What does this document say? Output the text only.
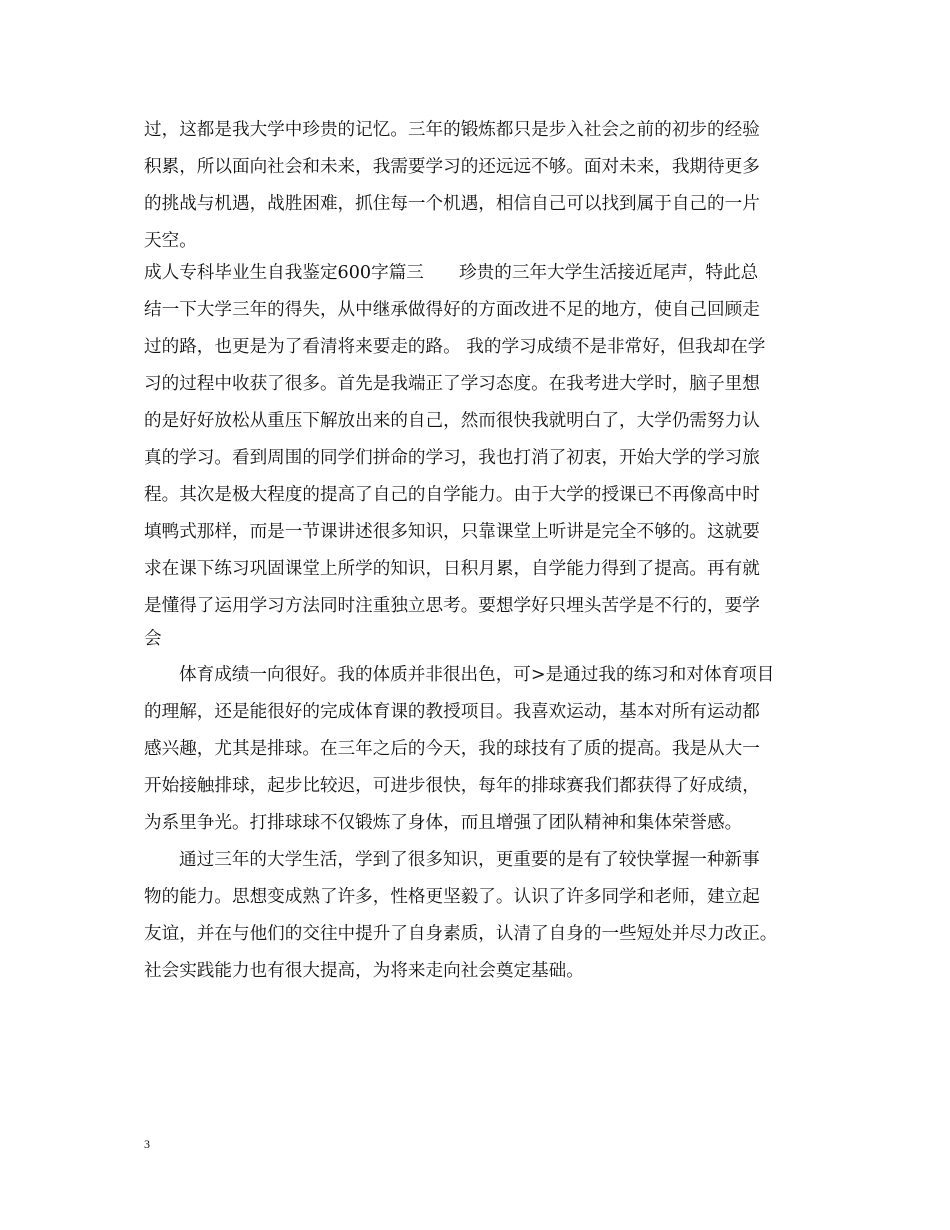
过，这都是我大学中珍贵的记忆。三年的锻炼都只是步入社会之前的初步的经验
积累，所以面向社会和未来，我需要学习的还远远不够。面对未来，我期待更多
的挑战与机遇，战胜困难，抓住每一个机遇，相信自己可以找到属于自己的一片
天空。
成人专科毕业生自我鉴定600字篇三　　珍贵的三年大学生活接近尾声，特此总
结一下大学三年的得失，从中继承做得好的方面改进不足的地方，使自己回顾走
过的路，也更是为了看清将来要走的路。 我的学习成绩不是非常好，但我却在学
习的过程中收获了很多。首先是我端正了学习态度。在我考进大学时，脑子里想
的是好好放松从重压下解放出来的自己，然而很快我就明白了，大学仍需努力认
真的学习。看到周围的同学们拼命的学习，我也打消了初衷，开始大学的学习旅
程。其次是极大程度的提高了自己的自学能力。由于大学的授课已不再像高中时
填鸭式那样，而是一节课讲述很多知识，只靠课堂上听讲是完全不够的。这就要
求在课下练习巩固课堂上所学的知识，日积月累，自学能力得到了提高。再有就
是懂得了运用学习方法同时注重独立思考。要想学好只埋头苦学是不行的，要学
会
体育成绩一向很好。我的体质并非很出色，可>是通过我的练习和对体育项目
的理解，还是能很好的完成体育课的教授项目。我喜欢运动，基本对所有运动都
感兴趣，尤其是排球。在三年之后的今天，我的球技有了质的提高。我是从大一
开始接触排球，起步比较迟，可进步很快，每年的排球赛我们都获得了好成绩，
为系里争光。打排球球不仅锻炼了身体，而且增强了团队精神和集体荣誉感。
通过三年的大学生活，学到了很多知识，更重要的是有了较快掌握一种新事
物的能力。思想变成熟了许多，性格更坚毅了。认识了许多同学和老师，建立起
友谊，并在与他们的交往中提升了自身素质，认清了自身的一些短处并尽力改正。
社会实践能力也有很大提高，为将来走向社会奠定基础。
3
